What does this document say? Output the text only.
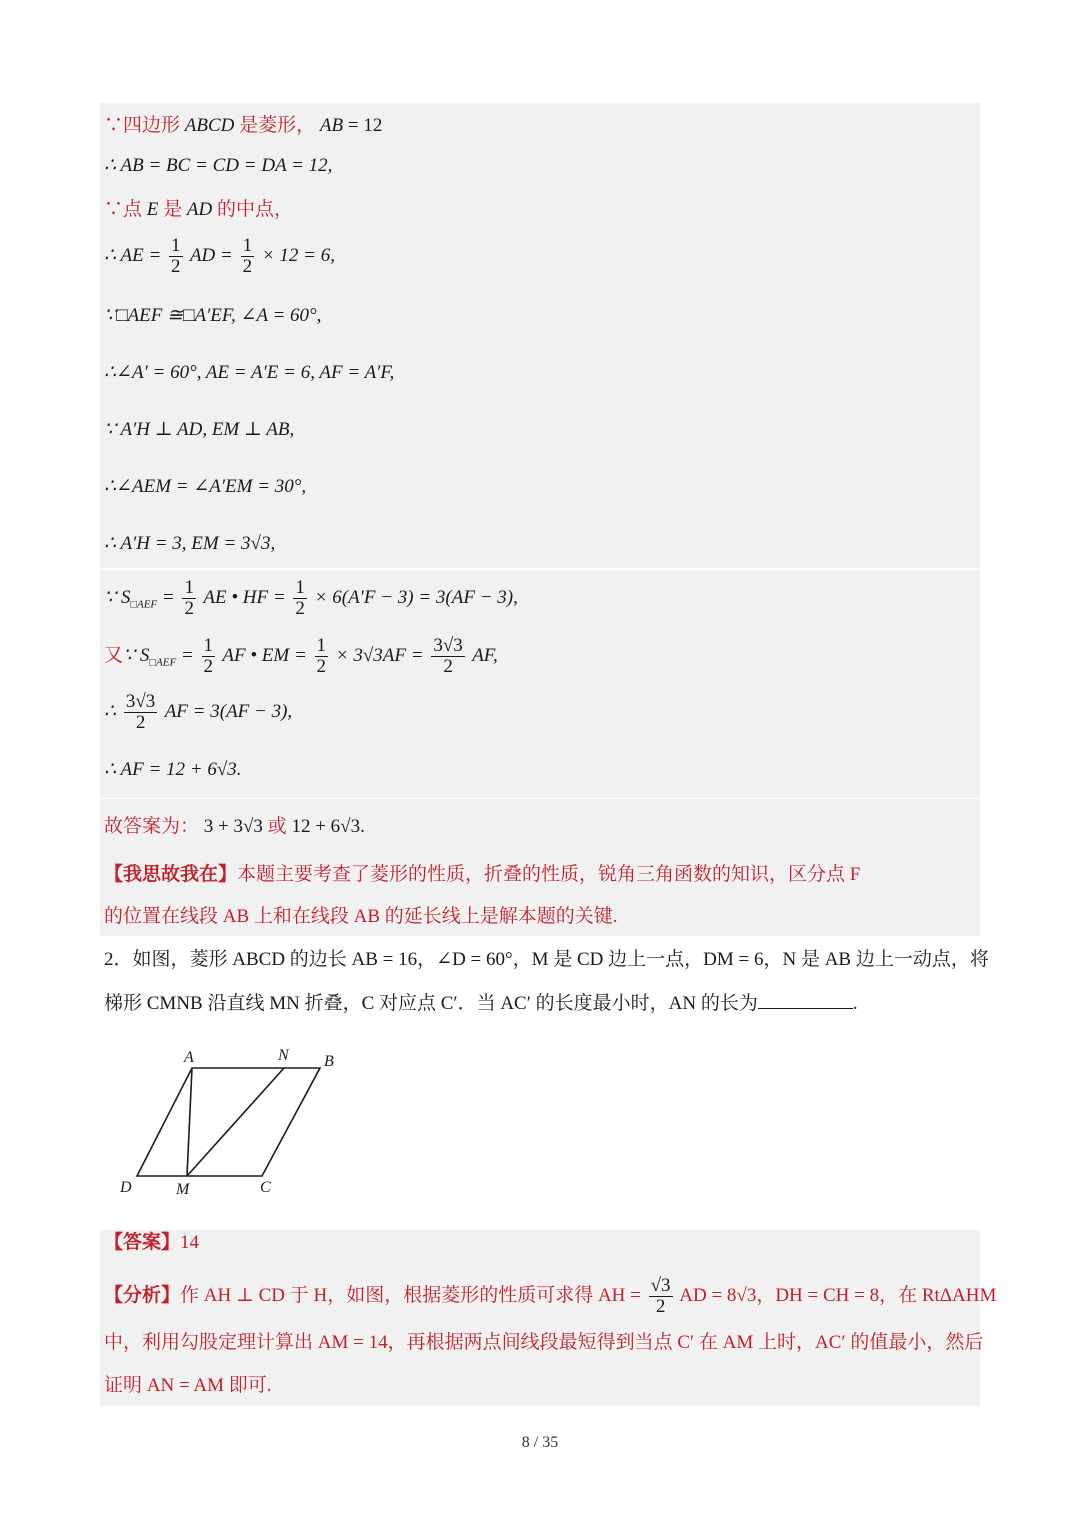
∵四边形 ABCD 是菱形， AB = 12
∴ AB = BC = CD = DA = 12,
∵点 E 是 AD 的中点，
∴ AE = $\frac{1}{2}$ AD = $\frac{1}{2} \times 12 = 6$,
∵□AEF ≅□A′EF, ∠A = 60°,
∴∠A′ = 60°, AE = A′E = 6, AF = A′F,
∵ A′H ⊥ AD, EM ⊥ AB,
∴∠AEM = ∠A′EM = 30°,
∴ A′H = 3, EM = 3√3,
∵ $S_{□AEF} = \frac{1}{2}$ AE • HF = $\frac{1}{2} \times 6(A'F - 3) = 3(AF - 3)$,
又∵ $S_{□AEF} = \frac{1}{2}$ AF • EM = $\frac{1}{2} \times 3√3AF = \frac{3√3}{2}$ AF,
∴ $\frac{3√3}{2}$ AF = 3(AF − 3),
∴ AF = 12 + 6√3.
故答案为： 3 + 3√3 或 12 + 6√3.
【我思故我在】本题主要考查了菱形的性质，折叠的性质，锐角三角函数的知识，区分点 F
的位置在线段 AB 上和在线段 AB 的延长线上是解本题的关键.
2．如图，菱形 ABCD 的边长 AB = 16，∠D = 60°，M 是 CD 边上一点，DM = 6，N 是 AB 边上一动点，将
梯形 CMNB 沿直线 MN 折叠，C 对应点 C′．当 AC′ 的长度最小时，AN 的长为	.
A	N B
D	M	C
【答案】14
【分析】作 AH ⊥ CD 于 H，如图，根据菱形的性质可求得 AH = $\frac{√3}{2}$ AD = 8√3，DH = CH = 8，在 RtΔAHM
中，利用勾股定理计算出 AM = 14，再根据两点间线段最短得到当点 C′ 在 AM 上时，AC′ 的值最小，然后
证明 AN = AM 即可.
8 / 35
